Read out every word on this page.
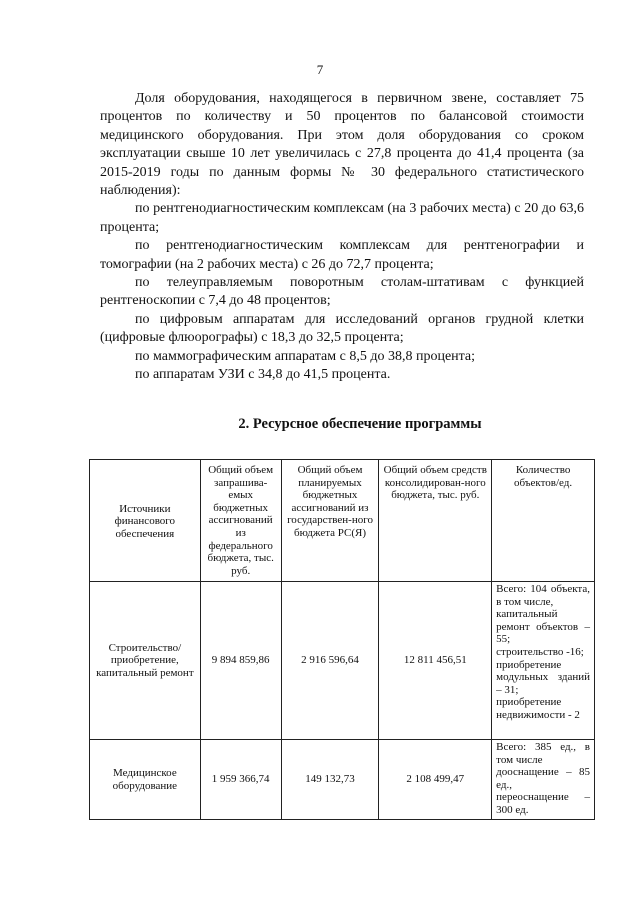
7

Доля оборудования, находящегося в первичном звене, составляет 75 процентов по количеству и 50 процентов по балансовой стоимости медицинского оборудования. При этом доля оборудования со сроком эксплуатации свыше 10 лет увеличилась с 27,8 процента до 41,4 процента (за 2015-2019 годы по данным формы № 30 федерального статистического наблюдения):

по рентгенодиагностическим комплексам (на 3 рабочих места) с 20 до 63,6 процента;

по рентгенодиагностическим комплексам для рентгенографии и томографии (на 2 рабочих места) с 26 до 72,7 процента;

по телеуправляемым поворотным столам-штативам с функцией рентгеноскопии с 7,4 до 48 процентов;

по цифровым аппаратам для исследований органов грудной клетки (цифровые флюорографы) с 18,3 до 32,5 процента;

по маммографическим аппаратам с 8,5 до 38,8 процента;

по аппаратам УЗИ с 34,8 до 41,5 процента.

2. Ресурсное обеспечение программы
Источники финансового обеспечения	Общий объем запрашива-емых бюджетных ассигнований из федерального бюджета, тыс. руб.	Общий объем планируемых бюджетных ассигнований из государствен-ного бюджета РС(Я)	Общий объем средств консолидирован-ного бюджета, тыс. руб.	Количество объектов/ед.
Строительство/ приобретение, капитальный ремонт	9 894 859,86	2 916 596,64	12 811 456,51	Всего: 104 объекта, в том числе,
капитальный ремонт объектов – 55;
строительство -16;
приобретение модульных зданий – 31;
приобретение недвижимости - 2

Медицинское оборудование	1 959 366,74	149 132,73	2 108 499,47	Всего: 385 ед., в том числе
дооснащение – 85 ед.,
переоснащение – 300 ед.
